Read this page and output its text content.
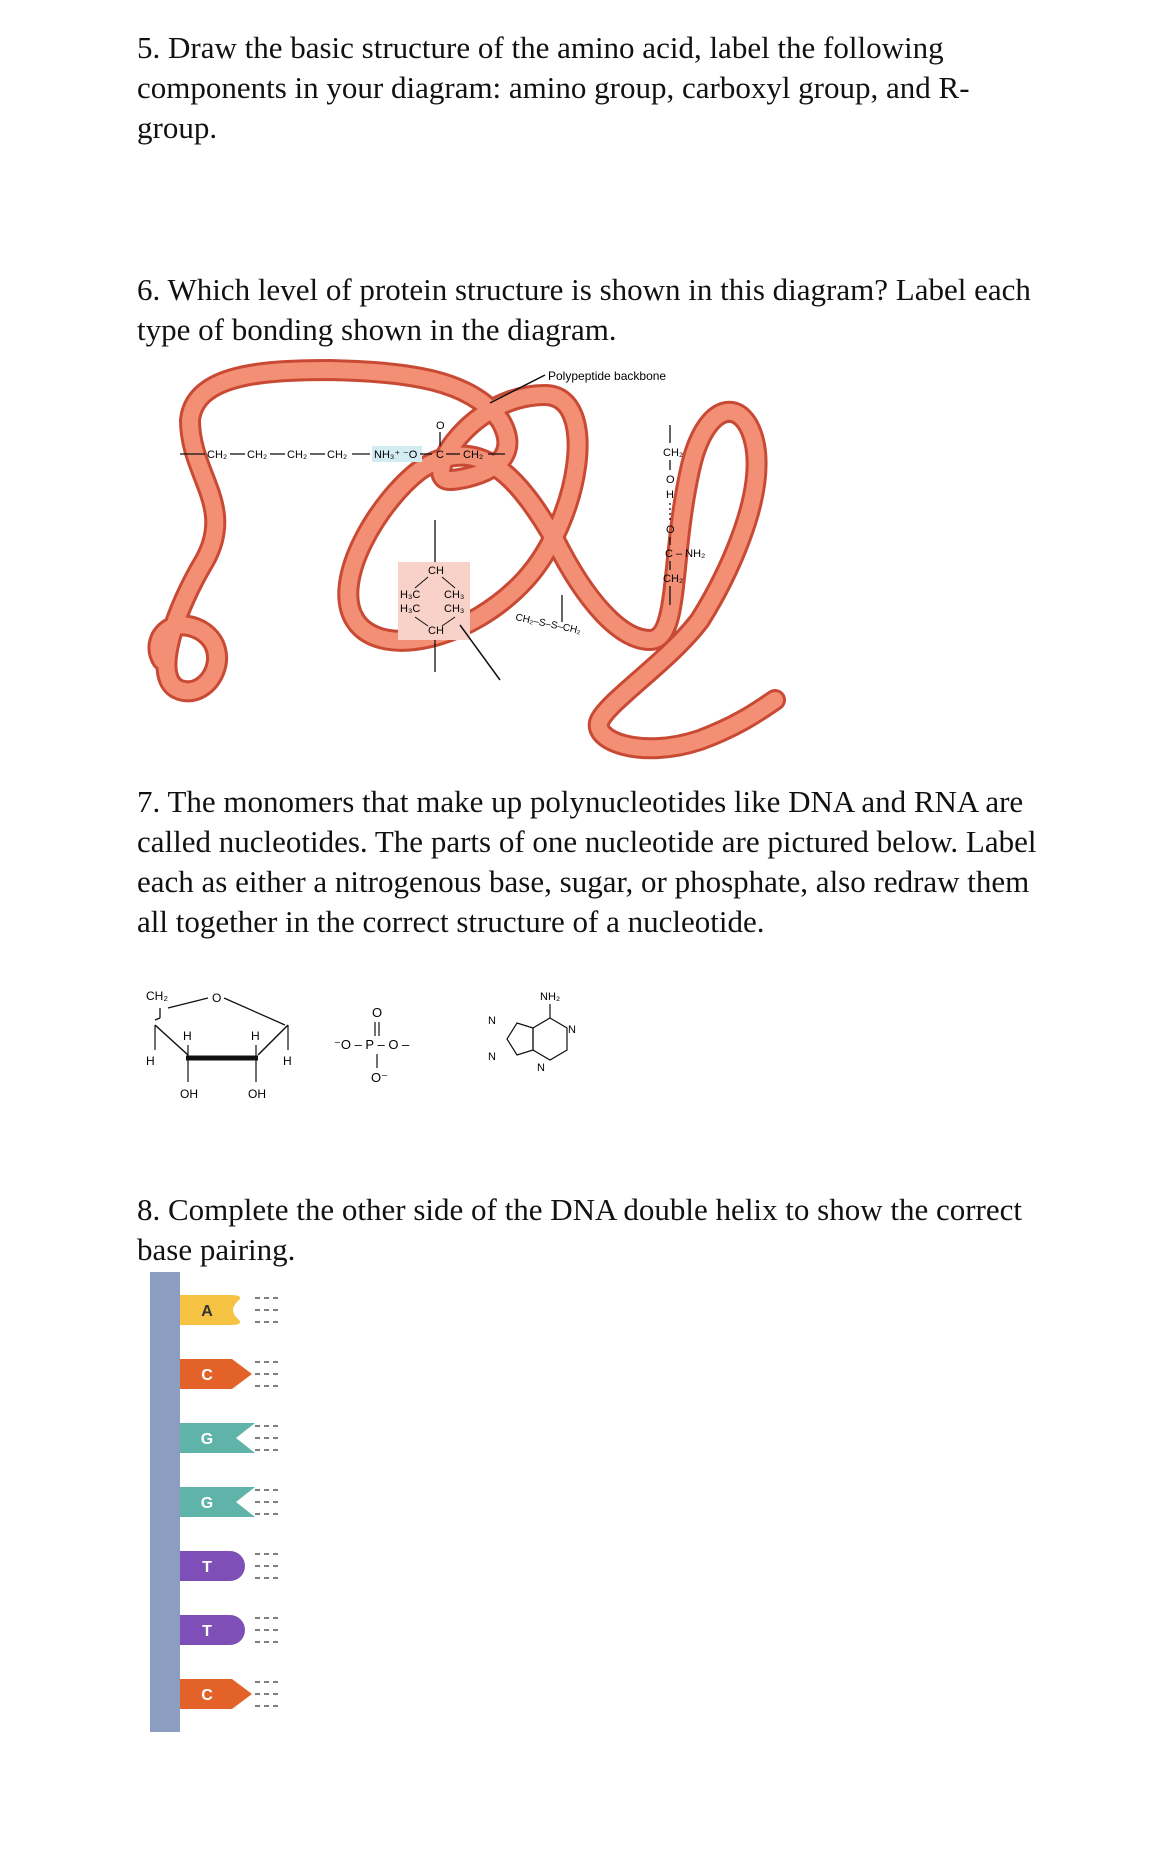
5. Draw the basic structure of the amino acid, label the following components in your diagram: amino group, carboxyl group, and R-group.

6. Which level of protein structure is shown in this diagram? Label each type of bonding shown in the diagram.

7. The monomers that make up polynucleotides like DNA and RNA are called nucleotides. The parts of one nucleotide are pictured below. Label each as either a nitrogenous base, sugar, or phosphate, also redraw them all together in the correct structure of a nucleotide.

8. Complete the other side of the DNA double helix to show the correct base pairing.

Polypeptide backbone
CH₂ CH₂ CH₂ CH₂ NH₃⁺ ⁻O C
O
CH₂
CH
H₃C CH₃
H₃C CH₃
CH	CH₂–S–S–CH₂
CH₂
O
H
O
C – NH₂
CH₂
CH₂	O
H	H
H	H
OH	OH
O
⁻O – P – O –
O⁻
NH₂
N
N
N
N
A
C
G
G
T
T
C
